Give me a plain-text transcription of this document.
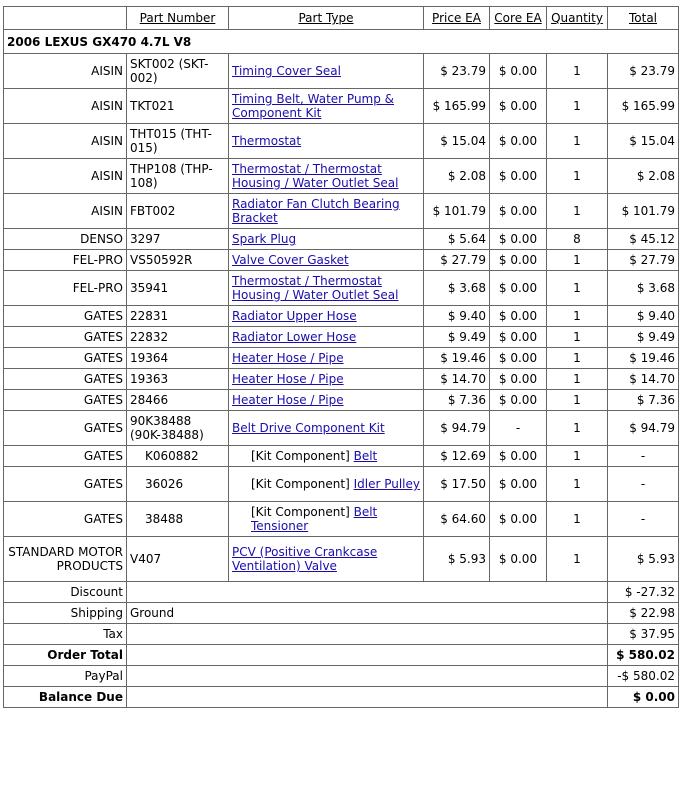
	Part Number	Part Type	Price EA	Core EA	Quantity	Total
2006 LEXUS GX470 4.7L V8						
AISIN	SKT002 (SKT-002)	Timing Cover Seal	$ 23.79	$ 0.00	1	$ 23.79
AISIN	TKT021	Timing Belt, Water Pump & Component Kit	$ 165.99	$ 0.00	1	$ 165.99
AISIN	THT015 (THT-015)	Thermostat	$ 15.04	$ 0.00	1	$ 15.04
AISIN	THP108 (THP-108)	Thermostat / Thermostat Housing / Water Outlet Seal	$ 2.08	$ 0.00	1	$ 2.08
AISIN	FBT002	Radiator Fan Clutch Bearing Bracket	$ 101.79	$ 0.00	1	$ 101.79
DENSO	3297	Spark Plug	$ 5.64	$ 0.00	8	$ 45.12
FEL-PRO	VS50592R	Valve Cover Gasket	$ 27.79	$ 0.00	1	$ 27.79
FEL-PRO	35941	Thermostat / Thermostat Housing / Water Outlet Seal	$ 3.68	$ 0.00	1	$ 3.68
GATES	22831	Radiator Upper Hose	$ 9.40	$ 0.00	1	$ 9.40
GATES	22832	Radiator Lower Hose	$ 9.49	$ 0.00	1	$ 9.49
GATES	19364	Heater Hose / Pipe	$ 19.46	$ 0.00	1	$ 19.46
GATES	19363	Heater Hose / Pipe	$ 14.70	$ 0.00	1	$ 14.70
GATES	28466	Heater Hose / Pipe	$ 7.36	$ 0.00	1	$ 7.36
GATES	90K38488 (90K-38488)	Belt Drive Component Kit	$ 94.79	-	1	$ 94.79
GATES	K060882	[Kit Component] Belt	$ 12.69	$ 0.00	1	-
GATES	36026	[Kit Component] Idler Pulley	$ 17.50	$ 0.00	1	-
GATES	38488	[Kit Component] Belt Tensioner	$ 64.60	$ 0.00	1	-
STANDARD MOTOR PRODUCTS	V407	PCV (Positive Crankcase Ventilation) Valve	$ 5.93	$ 0.00	1	$ 5.93
Discount						$ -27.32
Shipping	Ground					$ 22.98
Tax						$ 37.95
Order Total						$ 580.02
PayPal						-$ 580.02
Balance Due						$ 0.00
